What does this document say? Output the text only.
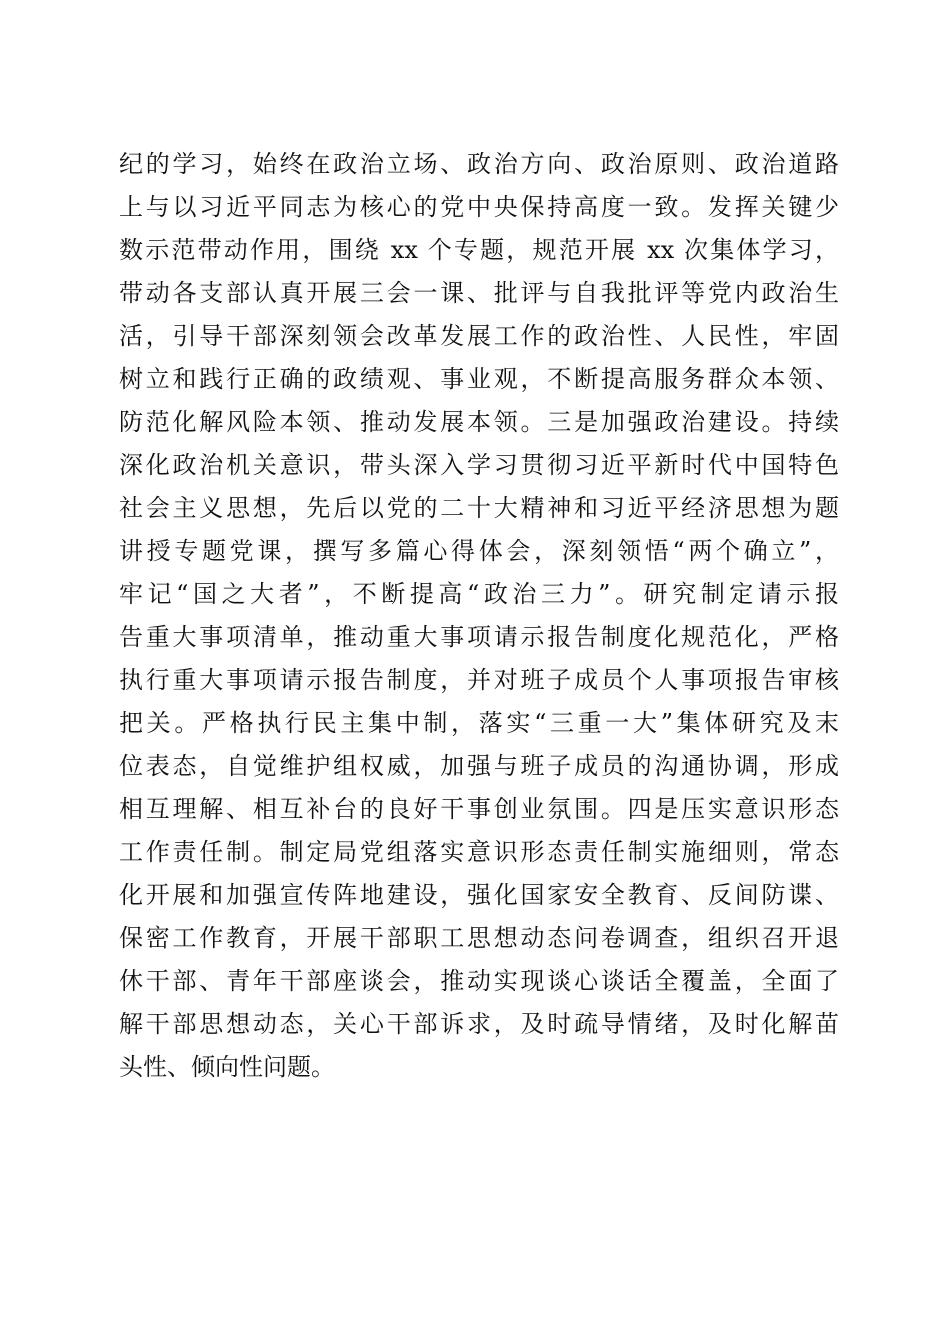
纪的学习，始终在政治立场、政治方向、政治原则、政治道路
上与以习近平同志为核心的党中央保持高度一致。发挥关键少
数示范带动作用，围绕 xx 个专题，规范开展 xx 次集体学习，
带动各支部认真开展三会一课、批评与自我批评等党内政治生
活，引导干部深刻领会改革发展工作的政治性、人民性，牢固
树立和践行正确的政绩观、事业观，不断提高服务群众本领、
防范化解风险本领、推动发展本领。三是加强政治建设。持续
深化政治机关意识，带头深入学习贯彻习近平新时代中国特色
社会主义思想，先后以党的二十大精神和习近平经济思想为题
讲授专题党课，撰写多篇心得体会，深刻领悟“两个确立”，
牢记“国之大者”，不断提高“政治三力”。研究制定请示报
告重大事项清单，推动重大事项请示报告制度化规范化，严格
执行重大事项请示报告制度，并对班子成员个人事项报告审核
把关。严格执行民主集中制，落实“三重一大”集体研究及末
位表态，自觉维护组权威，加强与班子成员的沟通协调，形成
相互理解、相互补台的良好干事创业氛围。四是压实意识形态
工作责任制。制定局党组落实意识形态责任制实施细则，常态
化开展和加强宣传阵地建设，强化国家安全教育、反间防谍、
保密工作教育，开展干部职工思想动态问卷调查，组织召开退
休干部、青年干部座谈会，推动实现谈心谈话全覆盖，全面了
解干部思想动态，关心干部诉求，及时疏导情绪，及时化解苗
头性、倾向性问题。
